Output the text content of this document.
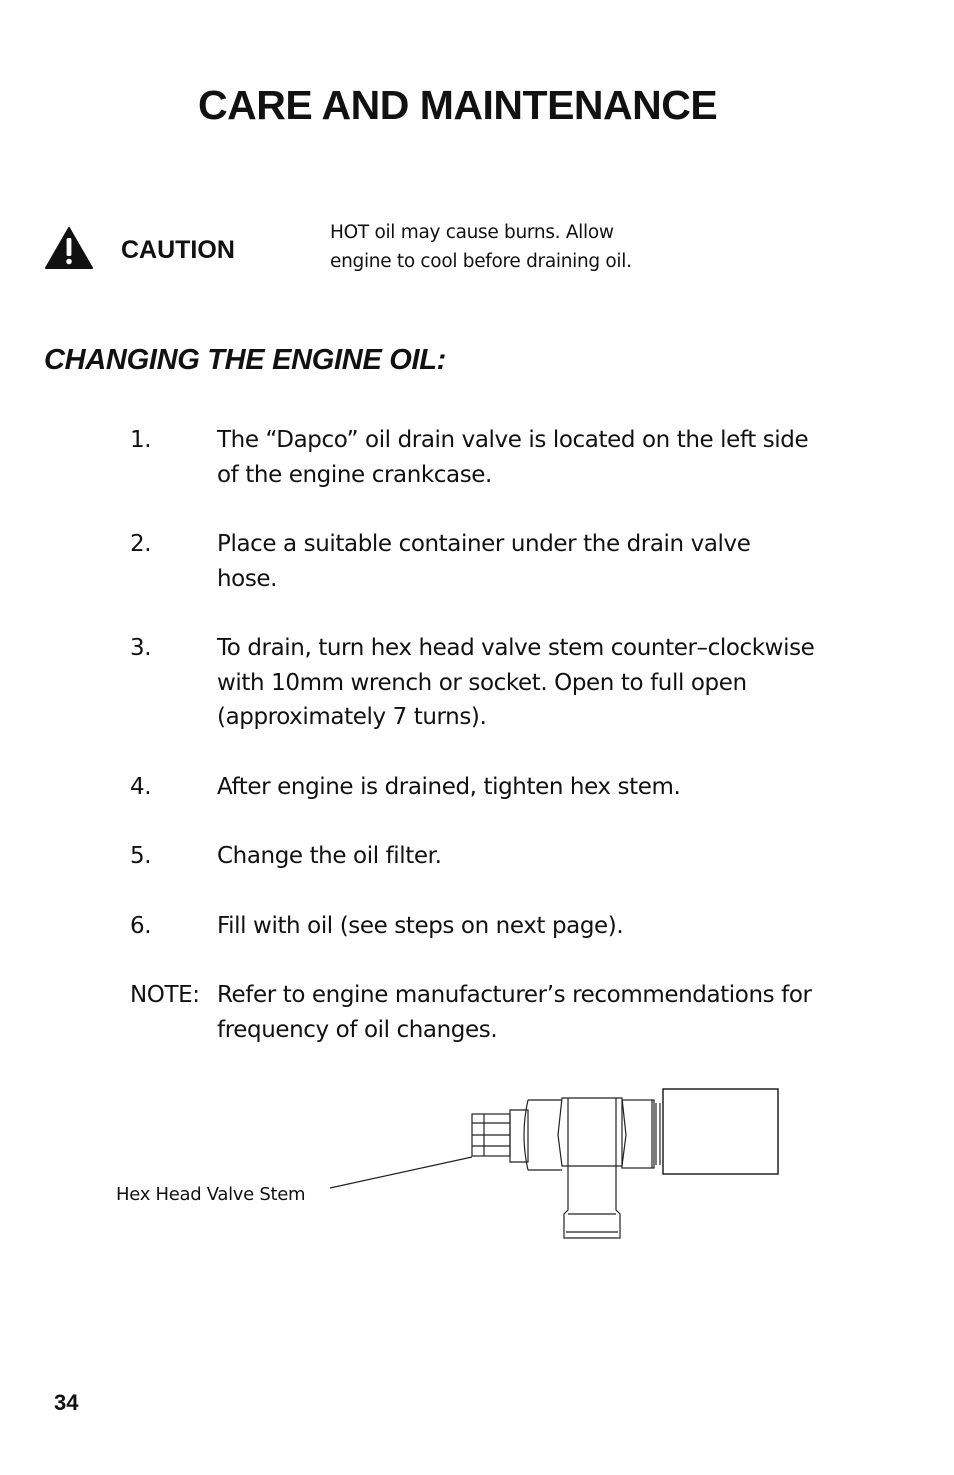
CARE AND MAINTENANCE
CAUTION
HOT oil may cause burns. Allow
engine to cool before draining oil.
CHANGING THE ENGINE OIL:
1.	The “Dapco” oil drain valve is located on the left side of the engine crankcase.
2.	Place a suitable container under the drain valve hose.
3.	To drain, turn hex head valve stem counter–clockwise with 10mm wrench or socket. Open to full open (approximately 7 turns).
4.	After engine is drained, tighten hex stem.
5.	Change the oil filter.
6.	Fill with oil (see steps on next page).
NOTE: Refer to engine manufacturer’s recommendations for frequency of oil changes.
Hex Head Valve Stem
34
